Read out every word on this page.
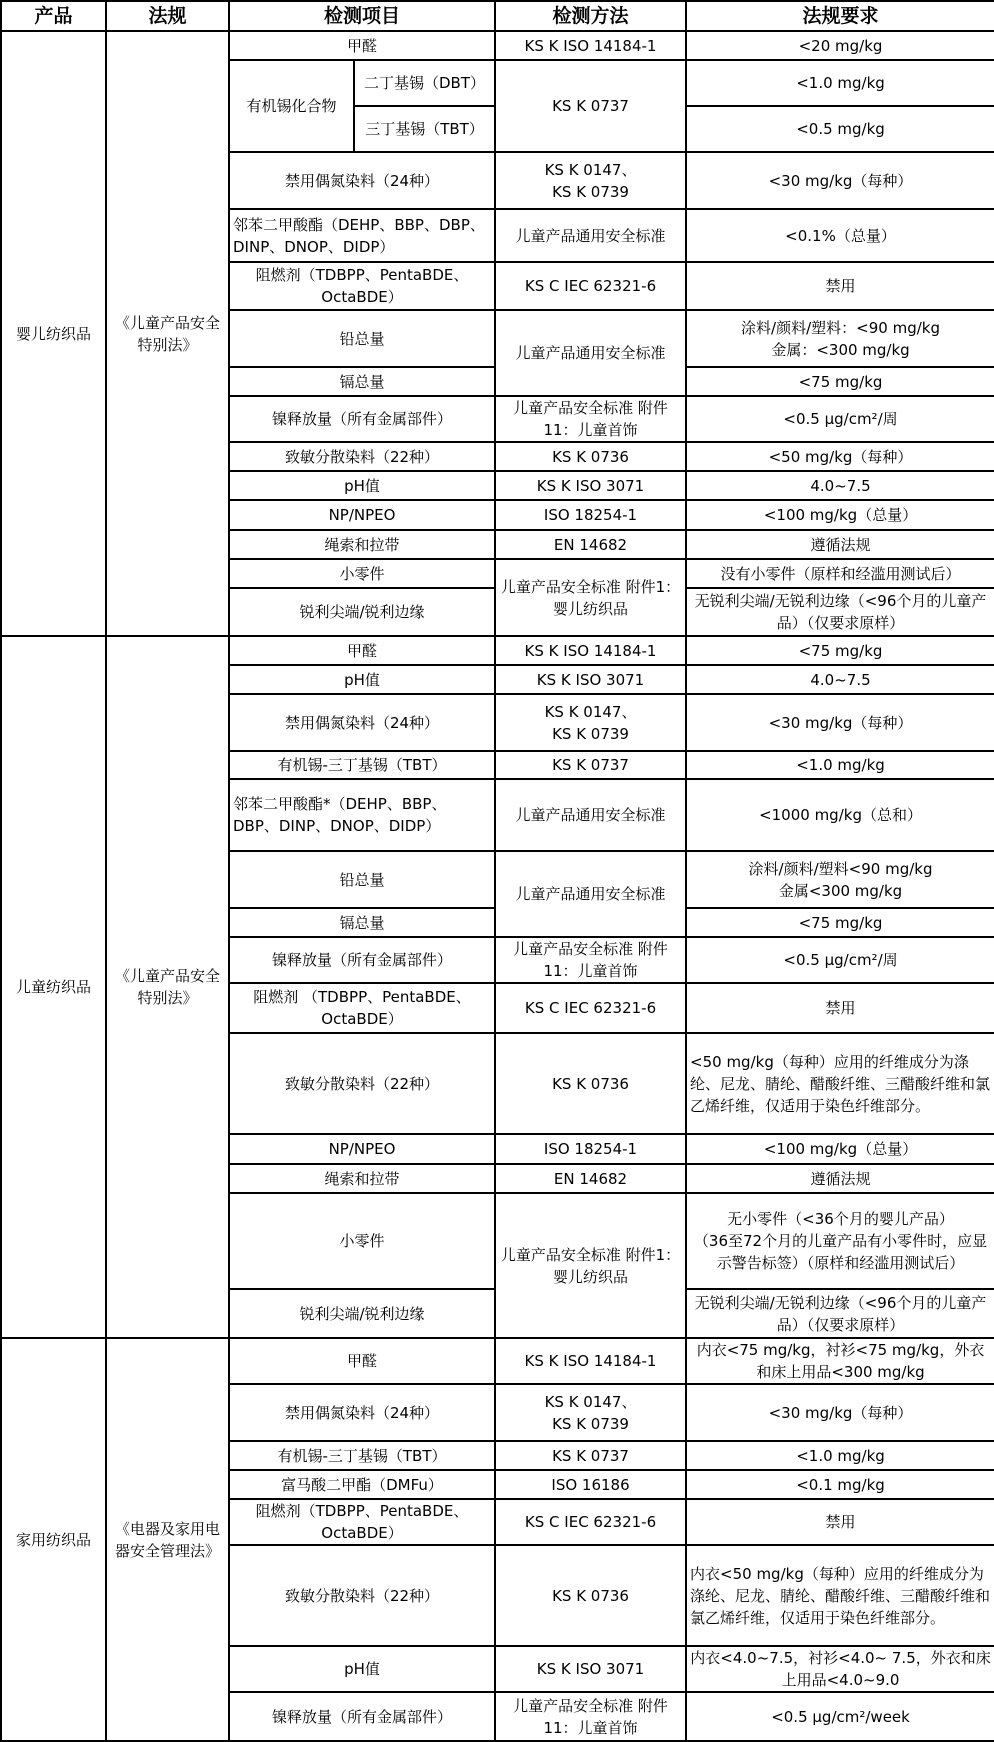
产品	法规	检测项目		检测方法	法规要求
婴儿纺织品	《儿童产品安全特别法》	甲醛		KS K ISO 14184-1	<20 mg/kg
		有机锡化合物	二丁基锡（DBT）	KS K 0737	<1.0 mg/kg
			三丁基锡（TBT）		<0.5 mg/kg
		禁用偶氮染料（24种）		KS K 0147、
KS K 0739	<30 mg/kg（每种）
		邻苯二甲酸酯（DEHP、BBP、DBP、DINP、DNOP、DIDP）		儿童产品通用安全标准	<0.1%（总量）
		阻燃剂（TDBPP、PentaBDE、OctaBDE）		KS C IEC 62321-6	禁用
		铅总量		儿童产品通用安全标准	涂料/颜料/塑料：<90 mg/kg
金属：<300 mg/kg
		镉总量			<75 mg/kg
		镍释放量（所有金属部件）		儿童产品安全标准 附件11：儿童首饰	<0.5 μg/cm²/周
		致敏分散染料（22种）		KS K 0736	<50 mg/kg（每种）
		pH值		KS K ISO 3071	4.0~7.5
		NP/NPEO		ISO 18254-1	<100 mg/kg（总量）
		绳索和拉带		EN 14682	遵循法规
		小零件		儿童产品安全标准 附件1：婴儿纺织品	没有小零件（原样和经滥用测试后）
		锐利尖端/锐利边缘			无锐利尖端/无锐利边缘（<96个月的儿童产品）（仅要求原样）
儿童纺织品	《儿童产品安全特别法》	甲醛		KS K ISO 14184-1	<75 mg/kg
		pH值		KS K ISO 3071	4.0~7.5
		禁用偶氮染料（24种）		KS K 0147、
KS K 0739	<30 mg/kg（每种）
		有机锡-三丁基锡（TBT）		KS K 0737	<1.0 mg/kg
		邻苯二甲酸酯*（DEHP、BBP、DBP、DINP、DNOP、DIDP）		儿童产品通用安全标准	<1000 mg/kg（总和）
		铅总量		儿童产品通用安全标准	涂料/颜料/塑料<90 mg/kg
金属<300 mg/kg
		镉总量			<75 mg/kg
		镍释放量（所有金属部件）		儿童产品安全标准 附件11：儿童首饰	<0.5 μg/cm²/周
		阻燃剂 （TDBPP、PentaBDE、OctaBDE）		KS C IEC 62321-6	禁用
		致敏分散染料（22种）		KS K 0736	<50 mg/kg（每种）应用的纤维成分为涤纶、尼龙、腈纶、醋酸纤维、三醋酸纤维和氯乙烯纤维，仅适用于染色纤维部分。
		NP/NPEO		ISO 18254-1	<100 mg/kg（总量）
		绳索和拉带		EN 14682	遵循法规
		小零件		儿童产品安全标准 附件1：婴儿纺织品	无小零件（<36个月的婴儿产品）
（36至72个月的儿童产品有小零件时，应显示警告标签）（原样和经滥用测试后）
		锐利尖端/锐利边缘			无锐利尖端/无锐利边缘（<96个月的儿童产品）（仅要求原样）
家用纺织品	《电器及家用电器安全管理法》	甲醛		KS K ISO 14184-1	内衣<75 mg/kg，衬衫<75 mg/kg，外衣和床上用品<300 mg/kg
		禁用偶氮染料（24种）		KS K 0147、
KS K 0739	<30 mg/kg（每种）
		有机锡-三丁基锡（TBT）		KS K 0737	<1.0 mg/kg
		富马酸二甲酯（DMFu）		ISO 16186	<0.1 mg/kg
		阻燃剂（TDBPP、PentaBDE、OctaBDE）		KS C IEC 62321-6	禁用
		致敏分散染料（22种）		KS K 0736	内衣<50 mg/kg（每种）应用的纤维成分为涤纶、尼龙、腈纶、醋酸纤维、三醋酸纤维和氯乙烯纤维，仅适用于染色纤维部分。
		pH值		KS K ISO 3071	内衣<4.0~7.5，衬衫<4.0~ 7.5，外衣和床上用品<4.0~9.0
		镍释放量（所有金属部件）		儿童产品安全标准 附件11：儿童首饰	<0.5 μg/cm²/week
